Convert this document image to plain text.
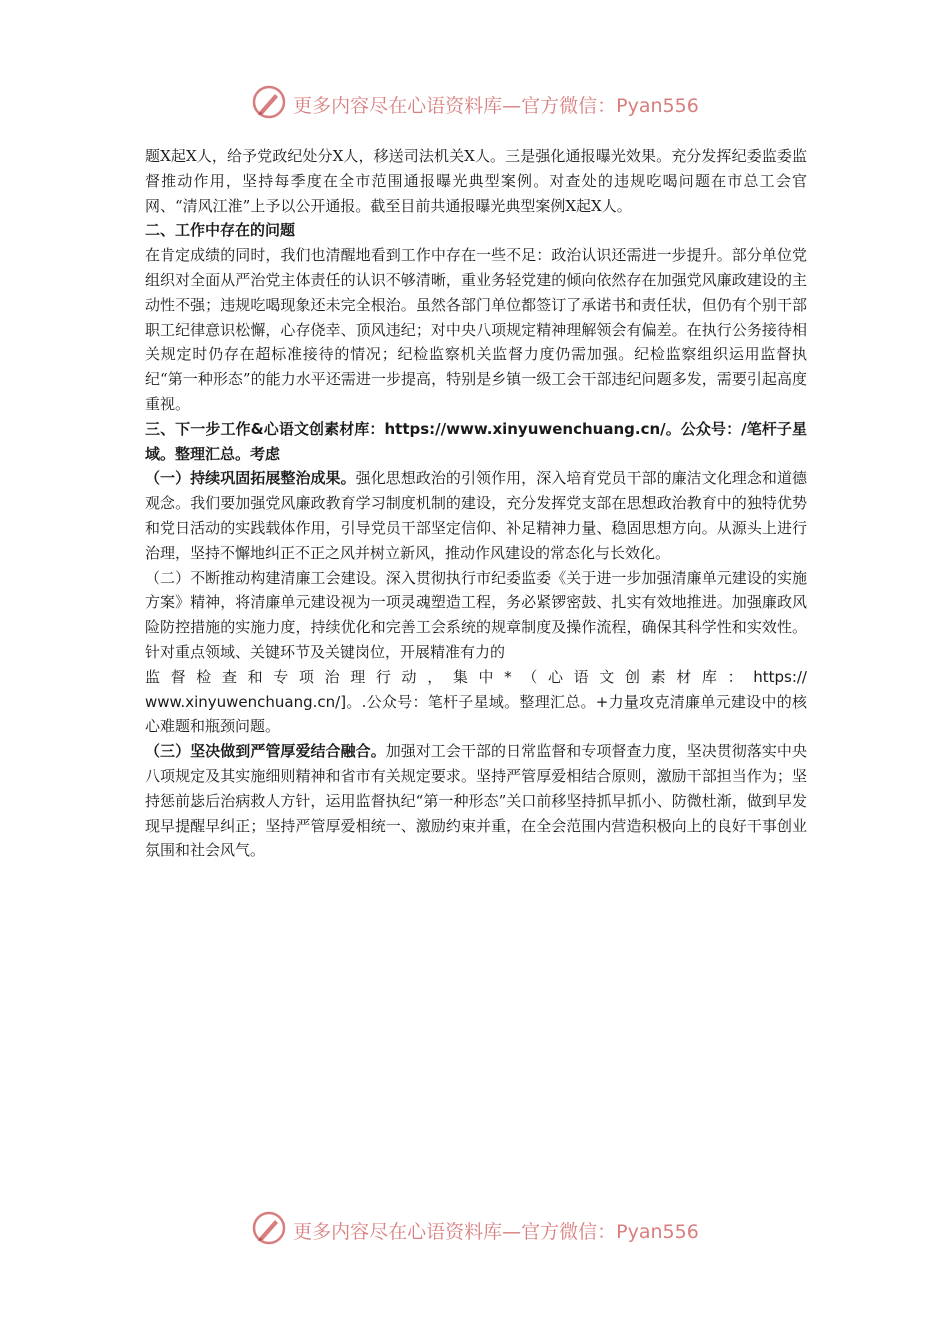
更多内容尽在心语资料库—官方微信：Pyan556

题X起X人，给予党政纪处分X人，移送司法机关X人。三是强化通报曝光效果。充分发挥纪委监委监督推动作用，坚持每季度在全市范围通报曝光典型案例。对查处的违规吃喝问题在市总工会官网、“清风江淮”上予以公开通报。截至目前共通报曝光典型案例X起X人。

二、工作中存在的问题

在肯定成绩的同时，我们也清醒地看到工作中存在一些不足：政治认识还需进一步提升。部分单位党组织对全面从严治党主体责任的认识不够清晰，重业务轻党建的倾向依然存在加强党风廉政建设的主动性不强；违规吃喝现象还未完全根治。虽然各部门单位都签订了承诺书和责任状，但仍有个别干部职工纪律意识松懈，心存侥幸、顶风违纪；对中央八项规定精神理解领会有偏差。在执行公务接待相关规定时仍存在超标准接待的情况；纪检监察机关监督力度仍需加强。纪检监察组织运用监督执纪“第一种形态”的能力水平还需进一步提高，特别是乡镇一级工会干部违纪问题多发，需要引起高度重视。

三、下一步工作&心语文创素材库：https://www.xinyuwenchuang.cn/。公众号：/笔杆子星域。整理汇总。考虑

（一）持续巩固拓展整治成果。强化思想政治的引领作用，深入培育党员干部的廉洁文化理念和道德观念。我们要加强党风廉政教育学习制度机制的建设，充分发挥党支部在思想政治教育中的独特优势和党日活动的实践载体作用，引导党员干部坚定信仰、补足精神力量、稳固思想方向。从源头上进行治理，坚持不懈地纠正不正之风并树立新风，推动作风建设的常态化与长效化。

（二）不断推动构建清廉工会建设。深入贯彻执行市纪委监委《关于进一步加强清廉单元建设的实施方案》精神，将清廉单元建设视为一项灵魂塑造工程，务必紧锣密鼓、扎实有效地推进。加强廉政风险防控措施的实施力度，持续优化和完善工会系统的规章制度及操作流程，确保其科学性和实效性。针对重点领域、关键环节及关键岗位，开展精准有力的

监督检查和专项治理行动，集中*（心语文创素材库：https://

www.xinyuwenchuang.cn/]。.公众号：笔杆子星域。整理汇总。+力量攻克清廉单元建设中的核心难题和瓶颈问题。

（三）坚决做到严管厚爱结合融合。加强对工会干部的日常监督和专项督查力度，坚决贯彻落实中央八项规定及其实施细则精神和省市有关规定要求。坚持严管厚爱相结合原则，激励干部担当作为；坚持惩前毖后治病救人方针，运用监督执纪“第一种形态”关口前移坚持抓早抓小、防微杜渐，做到早发现早提醒早纠正；坚持严管厚爱相统一、激励约束并重，在全会范围内营造积极向上的良好干事创业氛围和社会风气。

更多内容尽在心语资料库—官方微信：Pyan556
